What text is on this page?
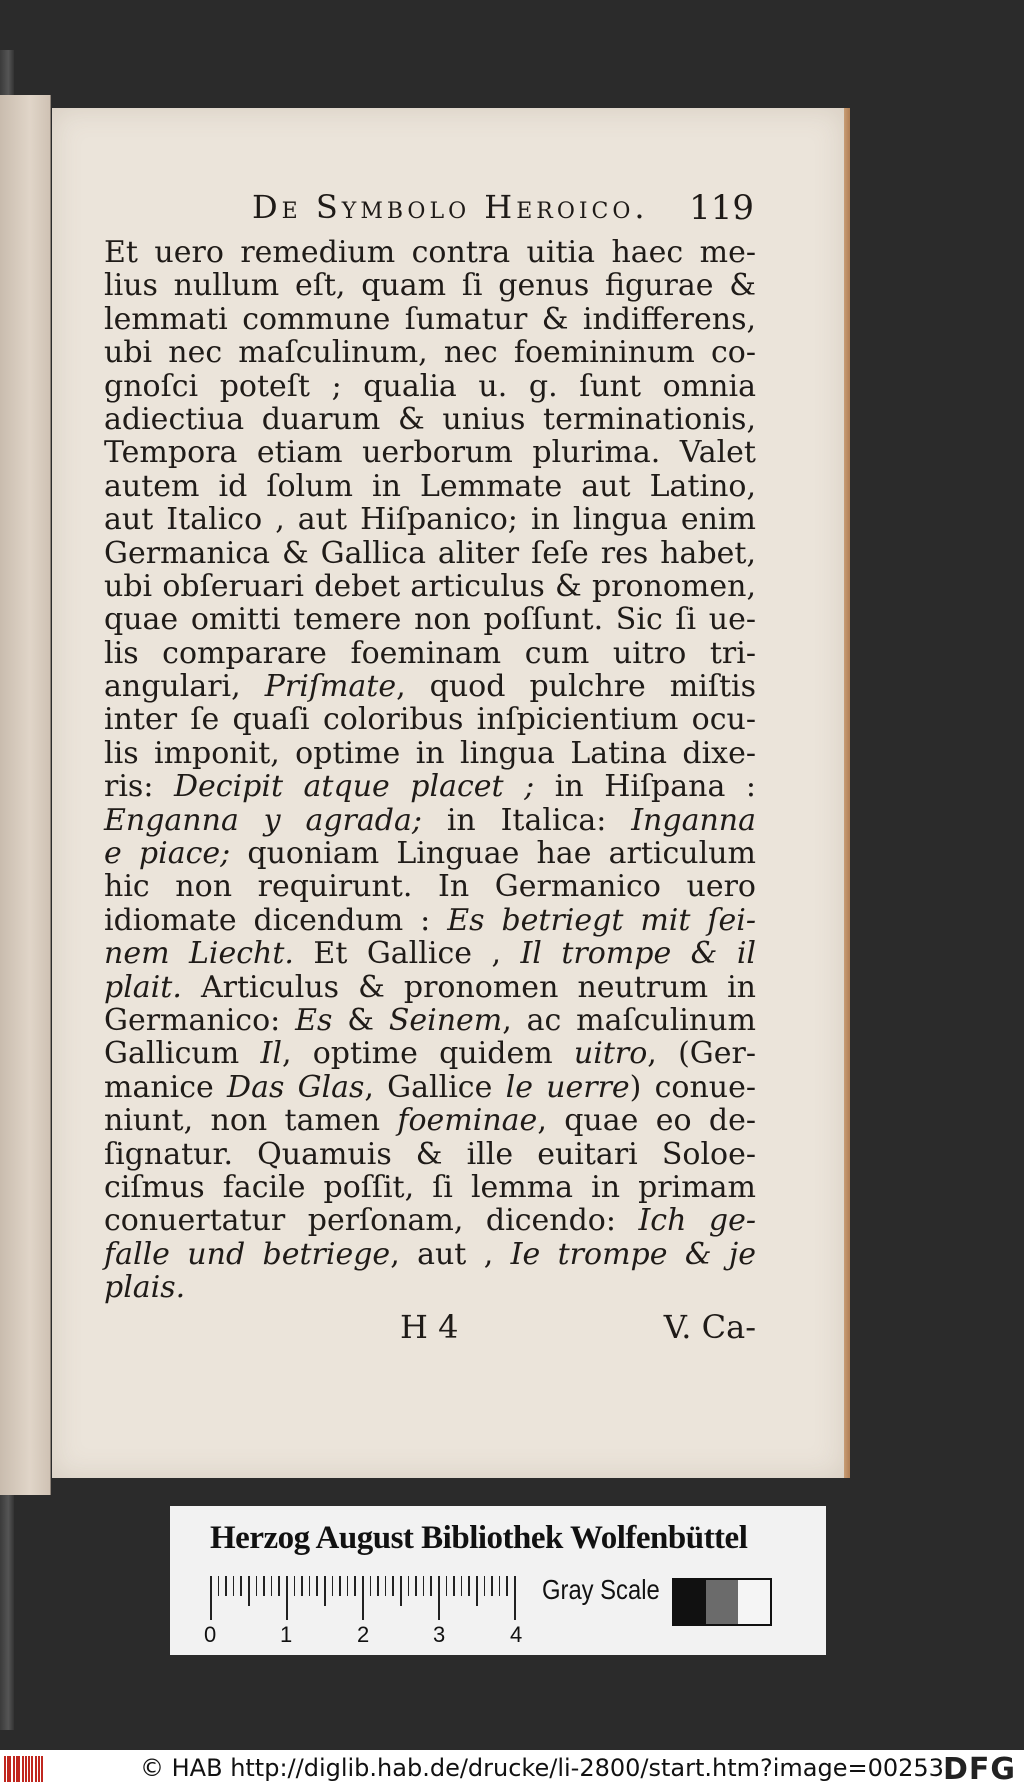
De Symbolo Heroico. 119
Et uero remedium contra uitia haec me-
lius nullum eſt, quam ſi genus figurae &
lemmati commune ſumatur & indifferens,
ubi nec maſculinum, nec foemininum co-
gnoſci poteſt ; qualia u. g. ſunt omnia
adiectiua duarum & unius terminationis,
Tempora etiam uerborum plurima. Valet
autem id ſolum in Lemmate aut Latino,
aut Italico , aut Hiſpanico; in lingua enim
Germanica & Gallica aliter ſeſe res habet,
ubi obſeruari debet articulus & pronomen,
quae omitti temere non poſſunt. Sic ſi ue-
lis comparare foeminam cum uitro tri-
angulari, Priſmate, quod pulchre miſtis
inter ſe quaſi coloribus inſpicientium ocu-
lis imponit, optime in lingua Latina dixe-
ris: Decipit atque placet ; in Hiſpana :
Enganna y agrada; in Italica: Inganna
e piace; quoniam Linguae hae articulum
hic non requirunt. In Germanico uero
idiomate dicendum : Es betriegt mit ſei-
nem Liecht. Et Gallice , Il trompe & il
plait. Articulus & pronomen neutrum in
Germanico: Es & Seinem, ac maſculinum
Gallicum Il, optime quidem uitro, (Ger-
manice Das Glas, Gallice le uerre) conue-
niunt, non tamen foeminae, quae eo de-
ſignatur. Quamuis & ille euitari Soloe-
ciſmus facile poſſit, ſi lemma in primam
conuertatur perſonam, dicendo: Ich ge-
falle und betriege, aut , Ie trompe & je
plais.
H 4	V. Ca-
Herzog August Bibliothek Wolfenbüttel
0	1	2	3	4
Gray Scale
© HAB http://diglib.hab.de/drucke/li-2800/start.htm?image=00253 DFG
